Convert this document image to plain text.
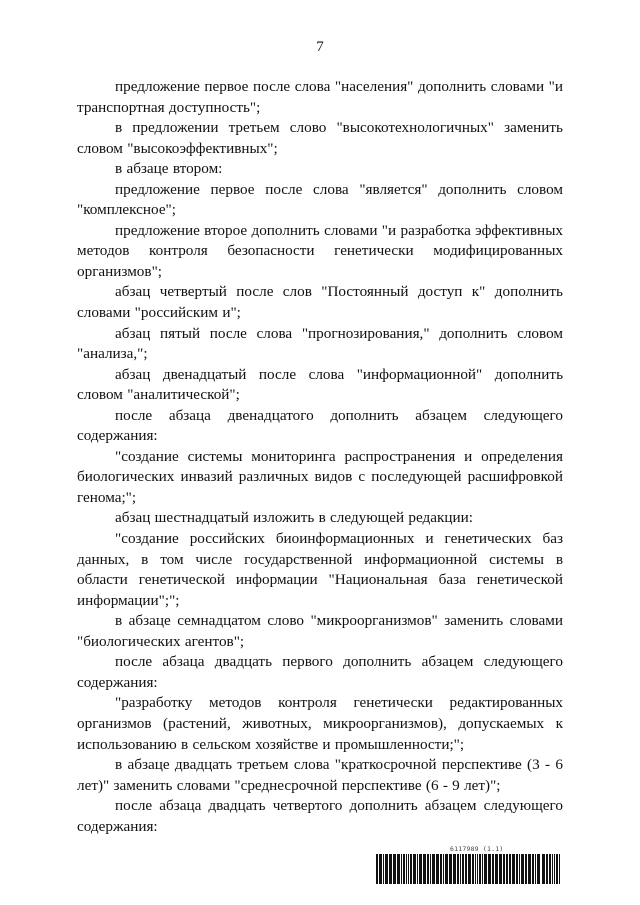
7

предложение первое после слова "населения" дополнить словами "и транспортная доступность";

в предложении третьем слово "высокотехнологичных" заменить словом "высокоэффективных";

в абзаце втором:

предложение первое после слова "является" дополнить словом "комплексное";

предложение второе дополнить словами "и разработка эффективных методов контроля безопасности генетически модифицированных организмов";

абзац четвертый после слов "Постоянный доступ к" дополнить словами "российским и";

абзац пятый после слова "прогнозирования," дополнить словом "анализа,";

абзац двенадцатый после слова "информационной" дополнить словом "аналитической";

после абзаца двенадцатого дополнить абзацем следующего содержания:

"создание системы мониторинга распространения и определения биологических инвазий различных видов с последующей расшифровкой генома;";

абзац шестнадцатый изложить в следующей редакции:

"создание российских биоинформационных и генетических баз данных, в том числе государственной информационной системы в области генетической информации "Национальная база генетической информации";";

в абзаце семнадцатом слово "микроорганизмов" заменить словами "биологических агентов";

после абзаца двадцать первого дополнить абзацем следующего содержания:

"разработку методов контроля генетически редактированных организмов (растений, животных, микроорганизмов), допускаемых к использованию в сельском хозяйстве и промышленности;";

в абзаце двадцать третьем слова "краткосрочной перспективе (3 - 6 лет)" заменить словами "среднесрочной перспективе (6 - 9 лет)";

после абзаца двадцать четвертого дополнить абзацем следующего содержания:

6117989 (1.1)
